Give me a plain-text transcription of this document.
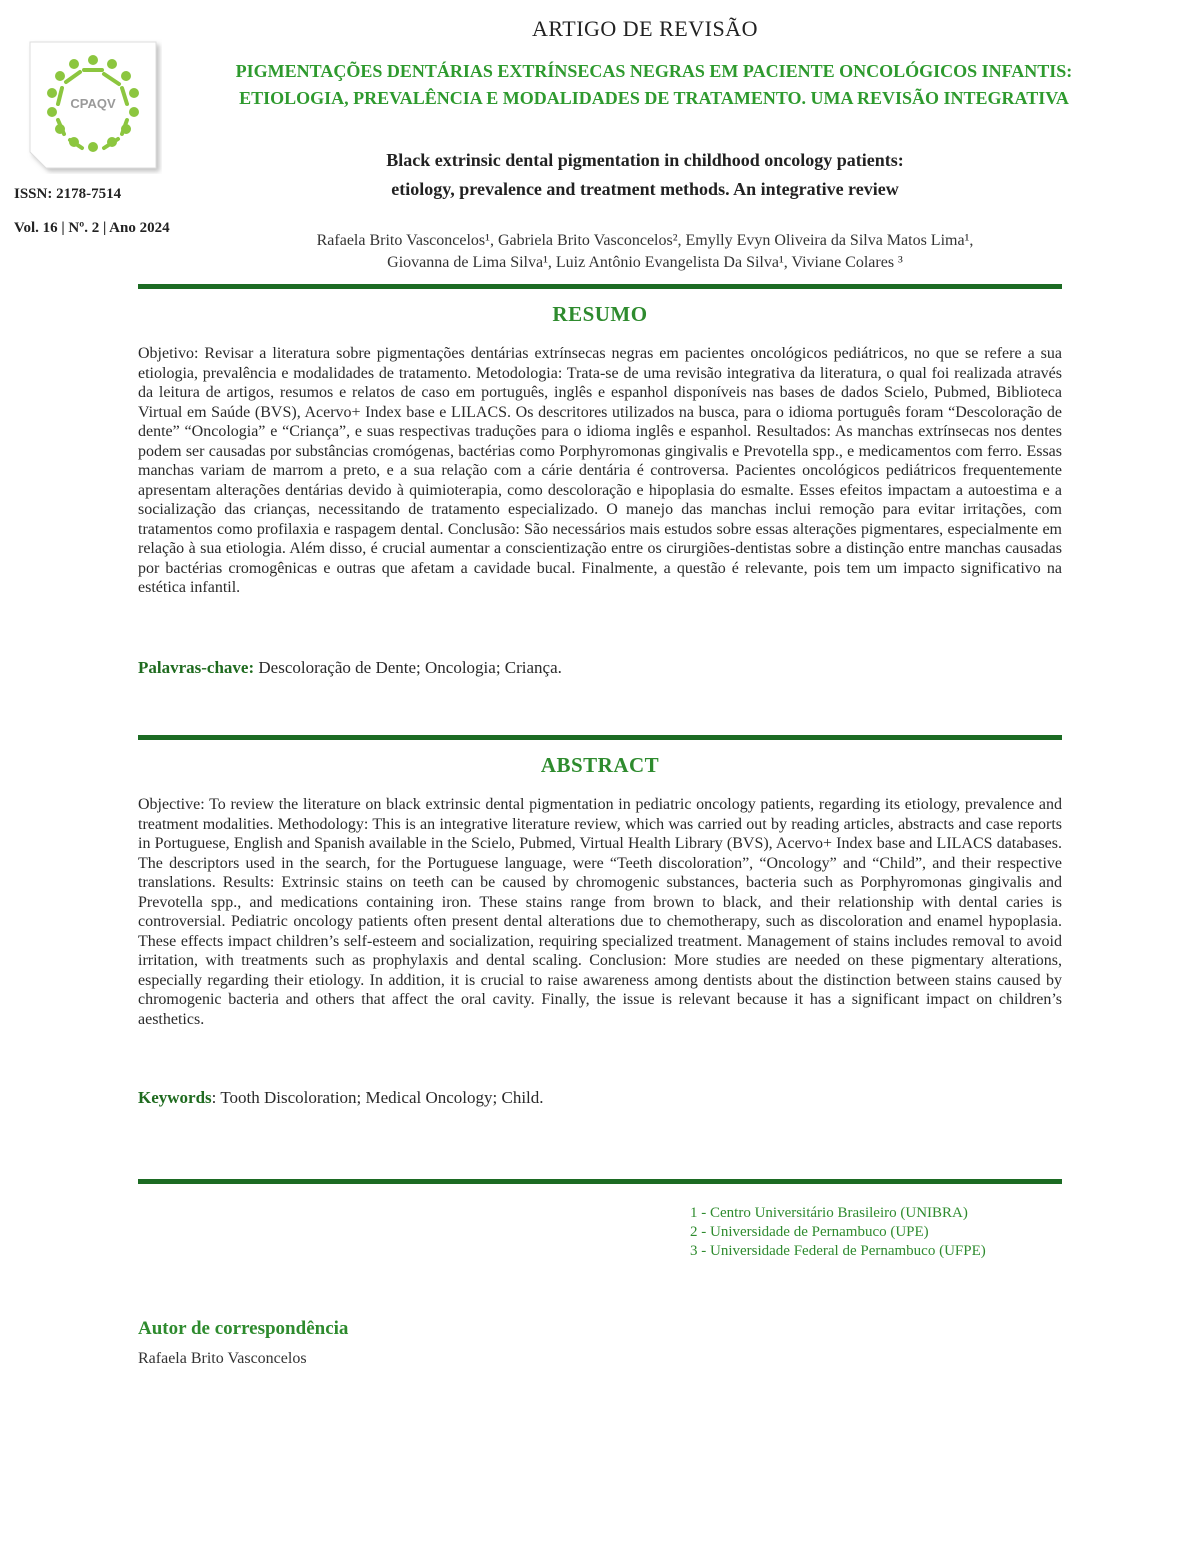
CPAQV
ISSN: 2178-7514
Vol. 16 | Nº. 2 | Ano 2024
ARTIGO DE REVISÃO
PIGMENTAÇÕES DENTÁRIAS EXTRÍNSECAS NEGRAS EM PACIENTE ONCOLÓGICOS INFANTIS: ETIOLOGIA, PREVALÊNCIA E MODALIDADES DE TRATAMENTO. UMA REVISÃO INTEGRATIVA
Black extrinsic dental pigmentation in childhood oncology patients:
etiology, prevalence and treatment methods. An integrative review
Rafaela Brito Vasconcelos¹, Gabriela Brito Vasconcelos², Emylly Evyn Oliveira da Silva Matos Lima¹,
Giovanna de Lima Silva¹, Luiz Antônio Evangelista Da Silva¹, Viviane Colares ³
RESUMO
Objetivo: Revisar a literatura sobre pigmentações dentárias extrínsecas negras em pacientes oncológicos pediátricos, no que se refere a sua etiologia, prevalência e modalidades de tratamento. Metodologia: Trata-se de uma revisão integrativa da literatura, o qual foi realizada através da leitura de artigos, resumos e relatos de caso em português, inglês e espanhol disponíveis nas bases de dados Scielo, Pubmed, Biblioteca Virtual em Saúde (BVS), Acervo+ Index base e LILACS. Os descritores utilizados na busca, para o idioma português foram “Descoloração de dente” “Oncologia” e “Criança”, e suas respectivas traduções para o idioma inglês e espanhol. Resultados: As manchas extrínsecas nos dentes podem ser causadas por substâncias cromógenas, bactérias como Porphyromonas gingivalis e Prevotella spp., e medicamentos com ferro. Essas manchas variam de marrom a preto, e a sua relação com a cárie dentária é controversa. Pacientes oncológicos pediátricos frequentemente apresentam alterações dentárias devido à quimioterapia, como descoloração e hipoplasia do esmalte. Esses efeitos impactam a autoestima e a socialização das crianças, necessitando de tratamento especializado. O manejo das manchas inclui remoção para evitar irritações, com tratamentos como profilaxia e raspagem dental. Conclusão: São necessários mais estudos sobre essas alterações pigmentares, especialmente em relação à sua etiologia. Além disso, é crucial aumentar a conscientização entre os cirurgiões-dentistas sobre a distinção entre manchas causadas por bactérias cromogênicas e outras que afetam a cavidade bucal. Finalmente, a questão é relevante, pois tem um impacto significativo na estética infantil.
Palavras-chave: Descoloração de Dente; Oncologia; Criança.
ABSTRACT
Objective: To review the literature on black extrinsic dental pigmentation in pediatric oncology patients, regarding its etiology, prevalence and treatment modalities. Methodology: This is an integrative literature review, which was carried out by reading articles, abstracts and case reports in Portuguese, English and Spanish available in the Scielo, Pubmed, Virtual Health Library (BVS), Acervo+ Index base and LILACS databases. The descriptors used in the search, for the Portuguese language, were “Teeth discoloration”, “Oncology” and “Child”, and their respective translations. Results: Extrinsic stains on teeth can be caused by chromogenic substances, bacteria such as Porphyromonas gingivalis and Prevotella spp., and medications containing iron. These stains range from brown to black, and their relationship with dental caries is controversial. Pediatric oncology patients often present dental alterations due to chemotherapy, such as discoloration and enamel hypoplasia. These effects impact children’s self-esteem and socialization, requiring specialized treatment. Management of stains includes removal to avoid irritation, with treatments such as prophylaxis and dental scaling. Conclusion: More studies are needed on these pigmentary alterations, especially regarding their etiology. In addition, it is crucial to raise awareness among dentists about the distinction between stains caused by chromogenic bacteria and others that affect the oral cavity. Finally, the issue is relevant because it has a significant impact on children’s aesthetics.
Keywords: Tooth Discoloration; Medical Oncology; Child.
1 - Centro Universitário Brasileiro (UNIBRA)
2 - Universidade de Pernambuco (UPE)
3 - Universidade Federal de Pernambuco (UFPE)
Autor de correspondência
Rafaela Brito Vasconcelos
